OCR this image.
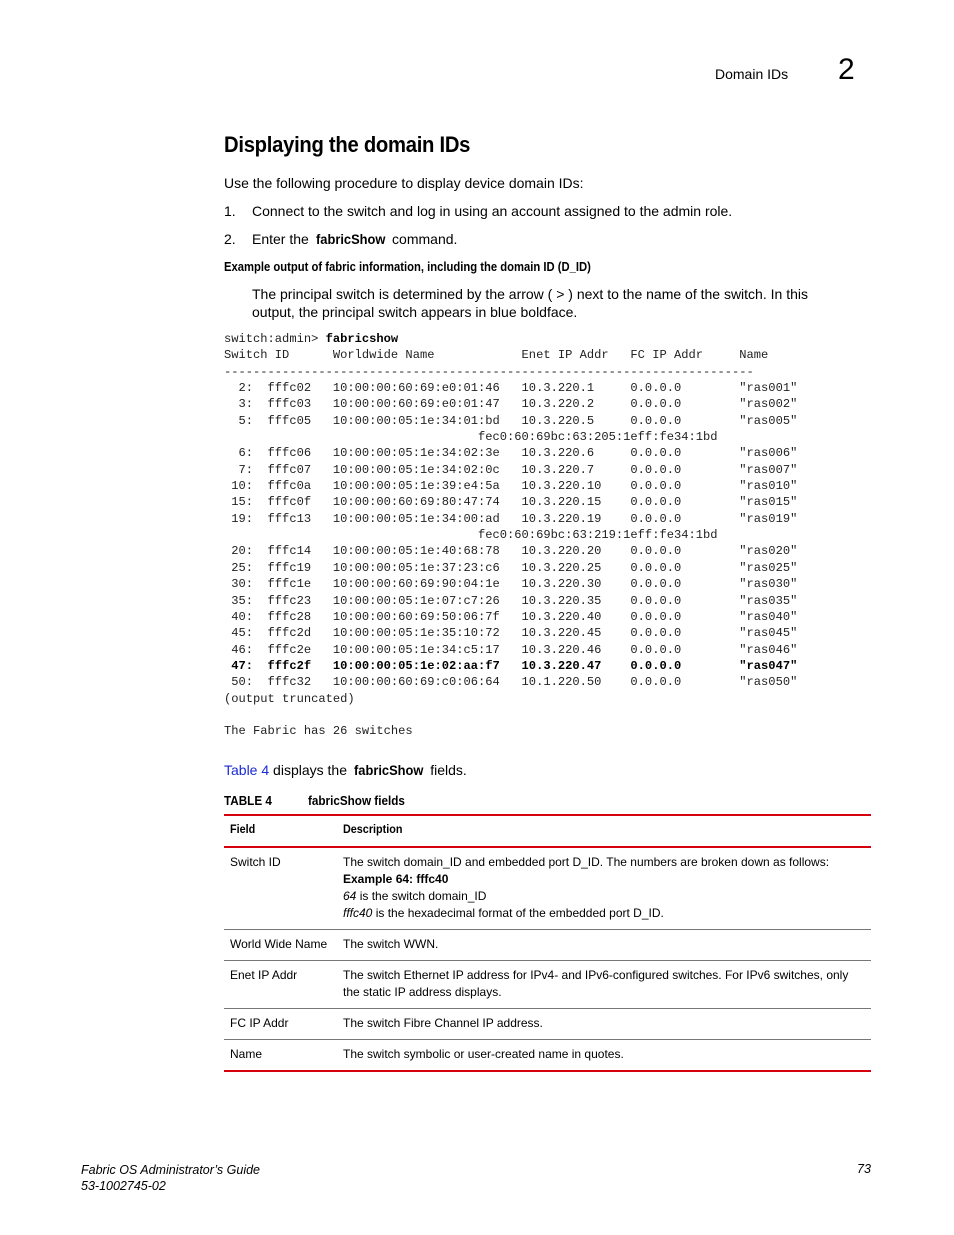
Domain IDs 2
Displaying the domain IDs
Use the following procedure to display device domain IDs:
1. Connect to the switch and log in using an account assigned to the admin role.
2. Enter the fabricShow command.
Example output of fabric information, including the domain ID (D_ID)
The principal switch is determined by the arrow ( > ) next to the name of the switch. In this
output, the principal switch appears in blue boldface.
switch:admin> fabricshow
Switch ID      Worldwide Name            Enet IP Addr   FC IP Addr     Name
-------------------------------------------------------------------------
2:  fffc02   10:00:00:60:69:e0:01:46   10.3.220.1     0.0.0.0        "ras001"
3:  fffc03   10:00:00:60:69:e0:01:47   10.3.220.2     0.0.0.0        "ras002"
5:  fffc05   10:00:00:05:1e:34:01:bd   10.3.220.5     0.0.0.0        "ras005"
fec0:60:69bc:63:205:1eff:fe34:1bd
6:  fffc06   10:00:00:05:1e:34:02:3e   10.3.220.6     0.0.0.0        "ras006"
7:  fffc07   10:00:00:05:1e:34:02:0c   10.3.220.7     0.0.0.0        "ras007"
10:  fffc0a   10:00:00:05:1e:39:e4:5a   10.3.220.10    0.0.0.0        "ras010"
15:  fffc0f   10:00:00:60:69:80:47:74   10.3.220.15    0.0.0.0        "ras015"
19:  fffc13   10:00:00:05:1e:34:00:ad   10.3.220.19    0.0.0.0        "ras019"
fec0:60:69bc:63:219:1eff:fe34:1bd
20:  fffc14   10:00:00:05:1e:40:68:78   10.3.220.20    0.0.0.0        "ras020"
25:  fffc19   10:00:00:05:1e:37:23:c6   10.3.220.25    0.0.0.0        "ras025"
30:  fffc1e   10:00:00:60:69:90:04:1e   10.3.220.30    0.0.0.0        "ras030"
35:  fffc23   10:00:00:05:1e:07:c7:26   10.3.220.35    0.0.0.0        "ras035"
40:  fffc28   10:00:00:60:69:50:06:7f   10.3.220.40    0.0.0.0        "ras040"
45:  fffc2d   10:00:00:05:1e:35:10:72   10.3.220.45    0.0.0.0        "ras045"
46:  fffc2e   10:00:00:05:1e:34:c5:17   10.3.220.46    0.0.0.0        "ras046"
47:  fffc2f   10:00:00:05:1e:02:aa:f7   10.3.220.47    0.0.0.0        "ras047"
50:  fffc32   10:00:00:60:69:c0:06:64   10.1.220.50    0.0.0.0        "ras050"
(output truncated)

The Fabric has 26 switches
Table 4 displays the fabricShow fields.
TABLE 4	fabricShow fields
Field	Description
Switch ID	The switch domain_ID and embedded port D_ID. The numbers are broken down as follows:
Example 64: fffc40
64 is the switch domain_ID
fffc40 is the hexadecimal format of the embedded port D_ID.

World Wide Name	The switch WWN.
Enet IP Addr	The switch Ethernet IP address for IPv4- and IPv6-configured switches. For IPv6 switches, only the static IP address displays.
FC IP Addr	The switch Fibre Channel IP address.
Name	The switch symbolic or user-created name in quotes.
Fabric OS Administrator’s Guide
53-1002745-02
73
